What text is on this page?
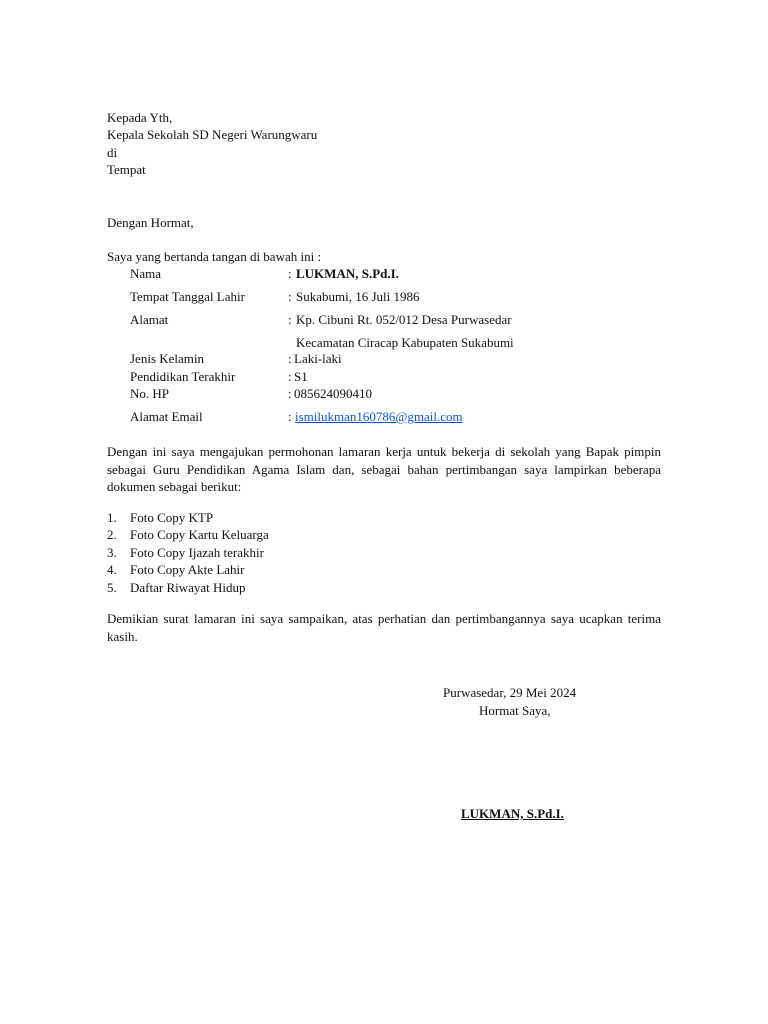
Kepada Yth,
Kepala Sekolah SD Negeri Warungwaru
di
Tempat
Dengan Hormat,
Saya yang bertanda tangan di bawah ini :
Nama	: LUKMAN, S.Pd.I.
Tempat Tanggal Lahir	: Sukabumi, 16 Juli 1986
Alamat	: Kp. Cibuni Rt. 052/012 Desa Purwasedar
Kecamatan Ciracap Kabupaten Sukabumi
Jenis Kelamin	: Laki-laki
Pendidikan Terakhir	: S1
No. HP	: 085624090410
Alamat Email	: ismilukman160786@gmail.com
Dengan ini saya mengajukan permohonan lamaran kerja untuk bekerja di sekolah yang Bapak pimpin sebagai Guru Pendidikan Agama Islam dan, sebagai bahan pertimbangan saya lampirkan beberapa dokumen sebagai berikut:
1. Foto Copy KTP
2. Foto Copy Kartu Keluarga
3. Foto Copy Ijazah terakhir
4. Foto Copy Akte Lahir
5. Daftar Riwayat Hidup
Demikian surat lamaran ini saya sampaikan, atas perhatian dan pertimbangannya saya ucapkan terima kasih.
Purwasedar, 29 Mei 2024
Hormat Saya,
LUKMAN, S.Pd.I.
